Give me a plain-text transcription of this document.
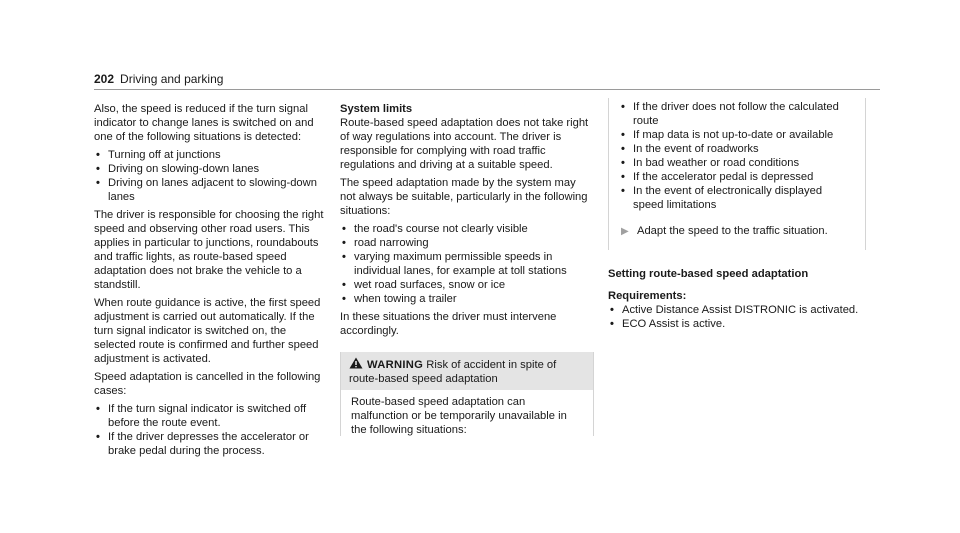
202 Driving and parking

Also, the speed is reduced if the turn signal indicator to change lanes is switched on and one of the following situations is detected:

• Turning off at junctions
• Driving on slowing-down lanes
• Driving on lanes adjacent to slowing-down lanes

The driver is responsible for choosing the right speed and observing other road users. This applies in particular to junctions, roundabouts and traffic lights, as route-based speed adaptation does not brake the vehicle to a standstill.

When route guidance is active, the first speed adjustment is carried out automatically. If the turn signal indicator is switched on, the selected route is confirmed and further speed adjustment is activated.

Speed adaptation is cancelled in the following cases:

• If the turn signal indicator is switched off before the route event.
• If the driver depresses the accelerator or brake pedal during the process.

System limits

Route-based speed adaptation does not take right of way regulations into account. The driver is responsible for complying with road traffic regulations and driving at a suitable speed.

The speed adaptation made by the system may not always be suitable, particularly in the following situations:

• the road's course not clearly visible
• road narrowing
• varying maximum permissible speeds in individual lanes, for example at toll stations
• wet road surfaces, snow or ice
• when towing a trailer

In these situations the driver must intervene accordingly.

WARNING Risk of accident in spite of route-based speed adaptation
Route-based speed adaptation can malfunction or be temporarily unavailable in the following situations:
• If the driver does not follow the calculated route
• If map data is not up-to-date or available
• In the event of roadworks
• In bad weather or road conditions
• If the accelerator pedal is depressed
• In the event of electronically displayed speed limitations
▶ Adapt the speed to the traffic situation.
Setting route-based speed adaptation

Requirements:

• Active Distance Assist DISTRONIC is activated.
• ECO Assist is active.
